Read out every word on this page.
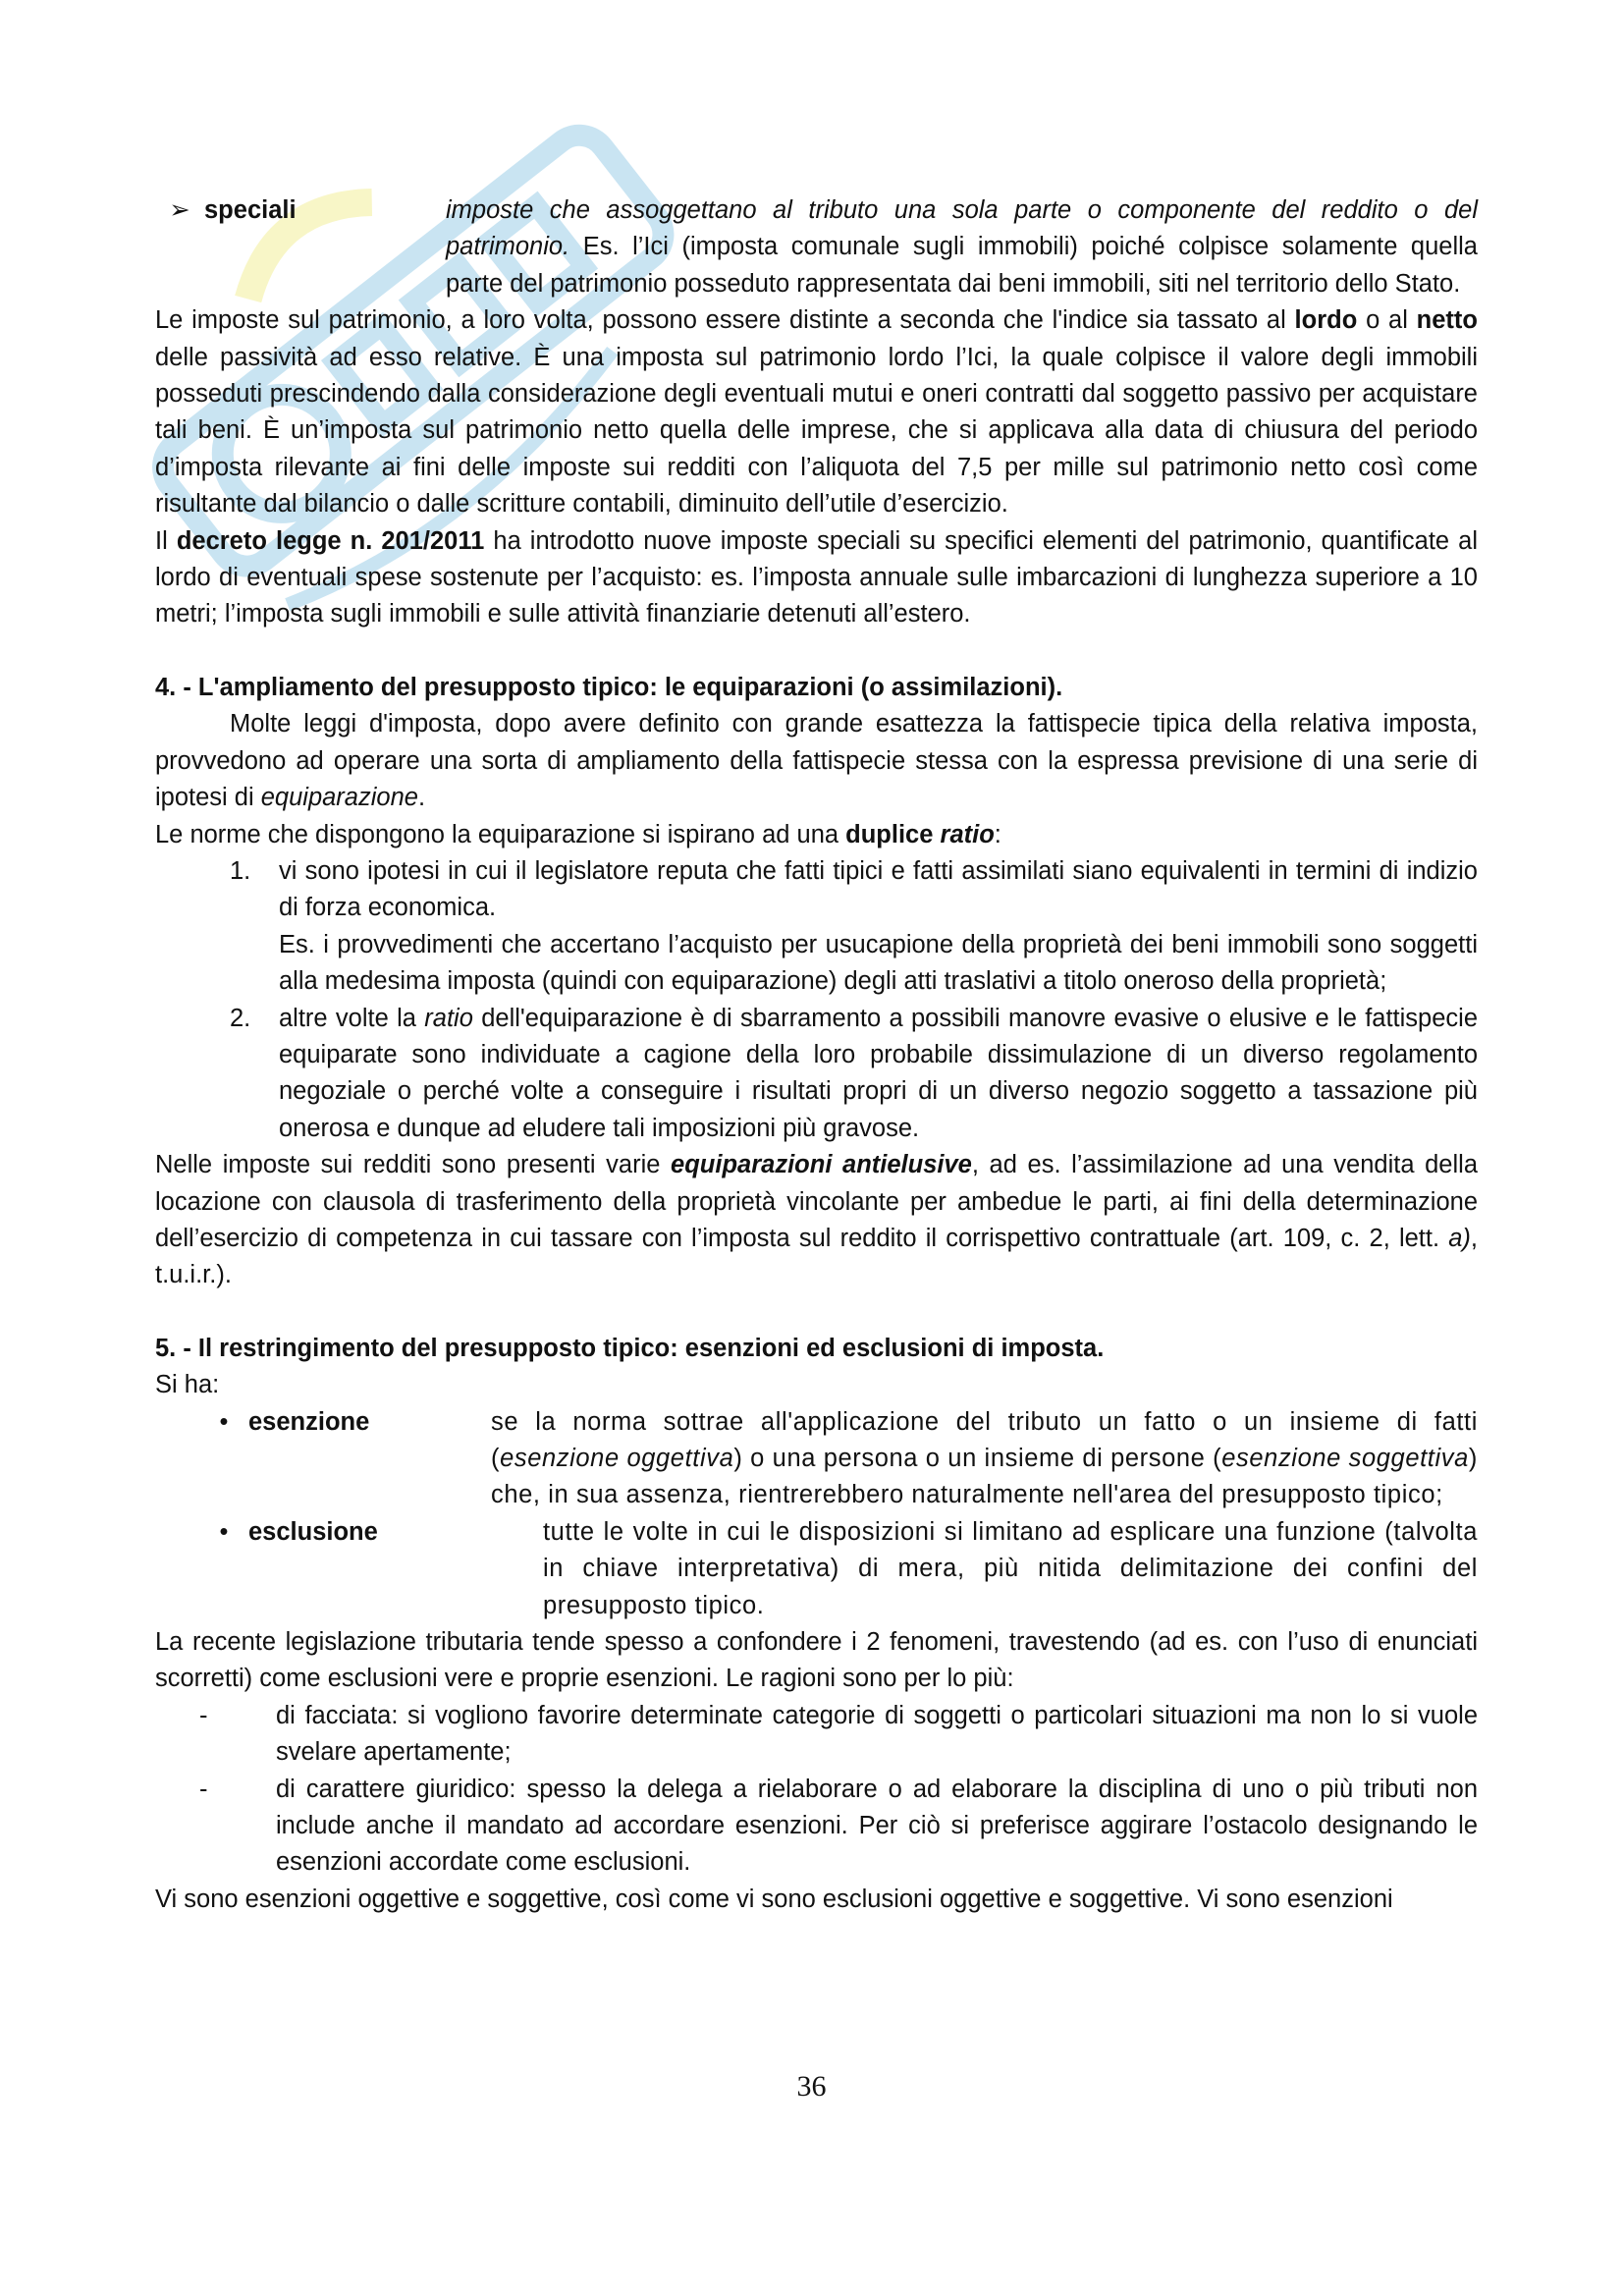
➢ speciali	imposte che assoggettano al tributo una sola parte o componente del reddito o del patrimonio. Es. l’Ici (imposta comunale sugli immobili) poiché colpisce solamente quella parte del patrimonio posseduto rappresentata dai beni immobili, siti nel territorio dello Stato.

Le imposte sul patrimonio, a loro volta, possono essere distinte a seconda che l'indice sia tassato al lordo o al netto delle passività ad esso relative. È una imposta sul patrimonio lordo l’Ici, la quale colpisce il valore degli immobili posseduti prescindendo dalla considerazione degli eventuali mutui e oneri contratti dal soggetto passivo per acquistare tali beni. È un’imposta sul patrimonio netto quella delle imprese, che si applicava alla data di chiusura del periodo d’imposta rilevante ai fini delle imposte sui redditi con l’aliquota del 7,5 per mille sul patrimonio netto così come risultante dal bilancio o dalle scritture contabili, diminuito dell’utile d’esercizio.

Il decreto legge n. 201/2011 ha introdotto nuove imposte speciali su specifici elementi del patrimonio, quantificate al lordo di eventuali spese sostenute per l’acquisto: es. l’imposta annuale sulle imbarcazioni di lunghezza superiore a 10 metri; l’imposta sugli immobili e sulle attività finanziarie detenuti all’estero.

4. - L'ampliamento del presupposto tipico: le equiparazioni (o assimilazioni).

Molte leggi d'imposta, dopo avere definito con grande esattezza la fattispecie tipica della relativa imposta, provvedono ad operare una sorta di ampliamento della fattispecie stessa con la espressa previsione di una serie di ipotesi di equiparazione.

Le norme che dispongono la equiparazione si ispirano ad una duplice ratio:

1.	vi sono ipotesi in cui il legislatore reputa che fatti tipici e fatti assimilati siano equivalenti in termini di indizio di forza economica.

Es. i provvedimenti che accertano l’acquisto per usucapione della proprietà dei beni immobili sono soggetti alla medesima imposta (quindi con equiparazione) degli atti traslativi a titolo oneroso della proprietà;

2.	altre volte la ratio dell'equiparazione è di sbarramento a possibili manovre evasive o elusive e le fattispecie equiparate sono individuate a cagione della loro probabile dissimulazione di un diverso regolamento negoziale o perché volte a conseguire i risultati propri di un diverso negozio soggetto a tassazione più onerosa e dunque ad eludere tali imposizioni più gravose.

Nelle imposte sui redditi sono presenti varie equiparazioni antielusive, ad es. l’assimilazione ad una vendita della locazione con clausola di trasferimento della proprietà vincolante per ambedue le parti, ai fini della determinazione dell’esercizio di competenza in cui tassare con l’imposta sul reddito il corrispettivo contrattuale (art. 109, c. 2, lett. a), t.u.i.r.).

5. - Il restringimento del presupposto tipico: esenzioni ed esclusioni di imposta.

Si ha:

• esenzione	se la norma sottrae all'applicazione del tributo un fatto o un insieme di fatti (esenzione oggettiva) o una persona o un insieme di persone (esenzione soggettiva) che, in sua assenza, rientrerebbero naturalmente nell'area del presupposto tipico;

• esclusione	tutte le volte in cui le disposizioni si limitano ad esplicare una funzione (talvolta in chiave interpretativa) di mera, più nitida delimitazione dei confini del presupposto tipico.

La recente legislazione tributaria tende spesso a confondere i 2 fenomeni, travestendo (ad es. con l’uso di enunciati scorretti) come esclusioni vere e proprie esenzioni. Le ragioni sono per lo più:

-	di facciata: si vogliono favorire determinate categorie di soggetti o particolari situazioni ma non lo si vuole svelare apertamente;

-	di carattere giuridico: spesso la delega a rielaborare o ad elaborare la disciplina di uno o più tributi non include anche il mandato ad accordare esenzioni. Per ciò si preferisce aggirare l’ostacolo designando le esenzioni accordate come esclusioni.

Vi sono esenzioni oggettive e soggettive, così come vi sono esclusioni oggettive e soggettive. Vi sono esenzioni

36
